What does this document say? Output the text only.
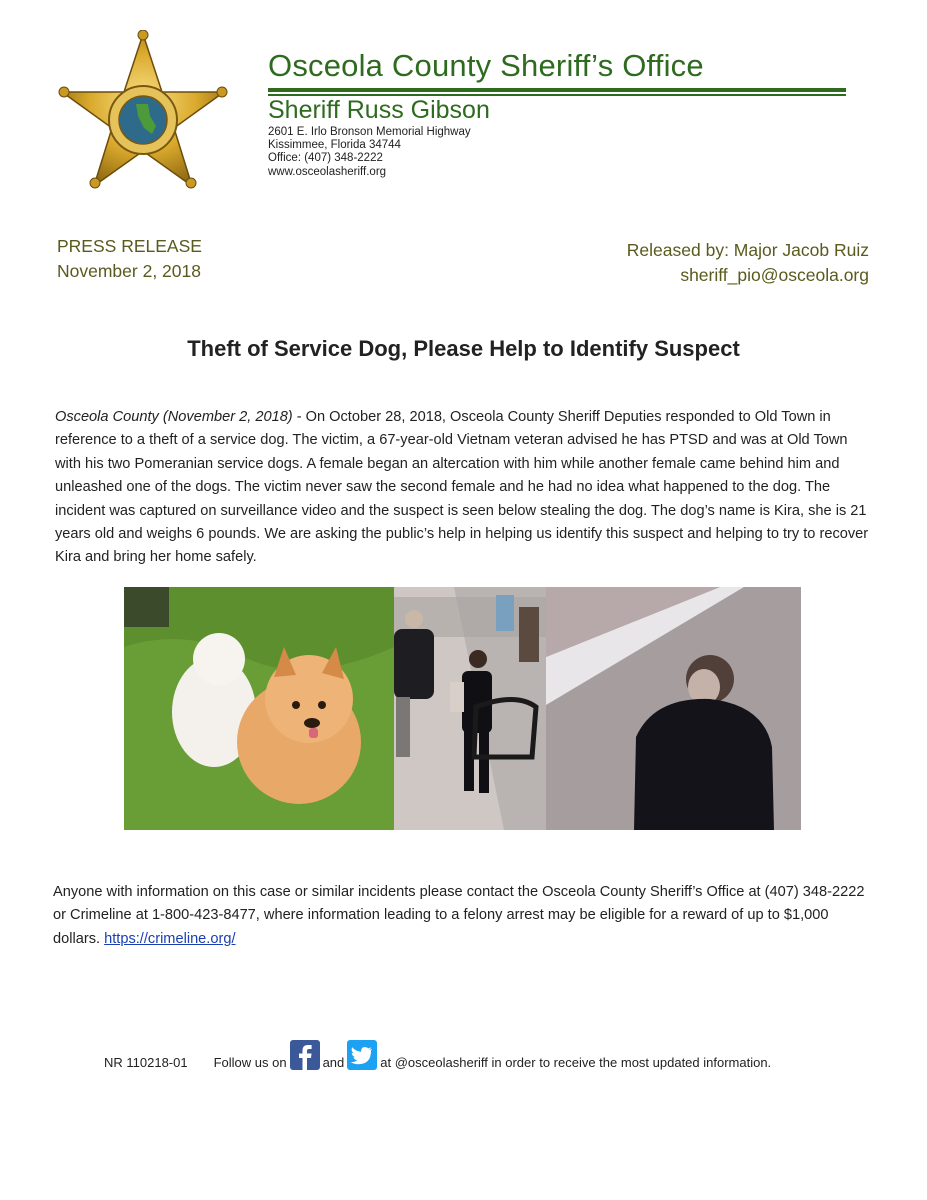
Osceola County Sheriff’s Office
Sheriff Russ Gibson
2601 E. Irlo Bronson Memorial Highway
Kissimmee, Florida 34744
Office: (407) 348-2222
www.osceolasheriff.org
PRESS RELEASE
November 2, 2018
Released by: Major Jacob Ruiz
sheriff_pio@osceola.org
Theft of Service Dog, Please Help to Identify Suspect
Osceola County (November 2, 2018) - On October 28, 2018, Osceola County Sheriff Deputies responded to Old Town in reference to a theft of a service dog. The victim, a 67-year-old Vietnam veteran advised he has PTSD and was at Old Town with his two Pomeranian service dogs. A female began an altercation with him while another female came behind him and unleashed one of the dogs. The victim never saw the second female and he had no idea what happened to the dog. The incident was captured on surveillance video and the suspect is seen below stealing the dog. The dog’s name is Kira, she is 21 years old and weighs 6 pounds. We are asking the public’s help in helping us identify this suspect and helping to try to recover Kira and bring her home safely.
Anyone with information on this case or similar incidents please contact the Osceola County Sheriff’s Office at (407) 348-2222 or Crimeline at 1-800-423-8477, where information leading to a felony arrest may be eligible for a reward of up to $1,000 dollars. https://crimeline.org/
NR 110218-01 Follow us on	and	at @osceolasheriff in order to receive the most updated information.
